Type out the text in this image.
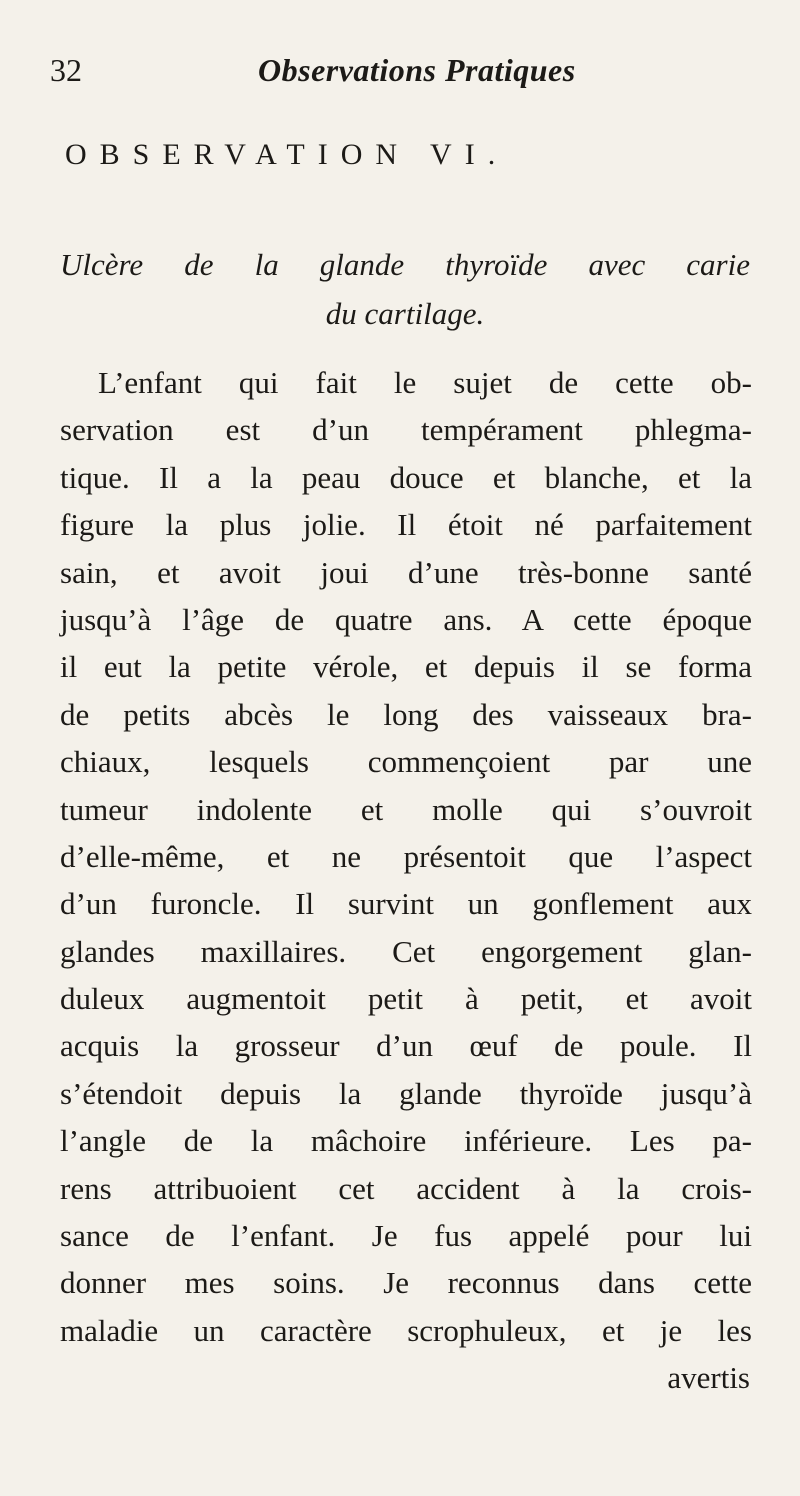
32	Observations Pratiques
OBSERVATION VI.
Ulcère de la glande thyroïde avec carie
du cartilage.
L’enfant qui fait le sujet de cette ob-
servation est d’un tempérament phlegma-
tique. Il a la peau douce et blanche, et la
figure la plus jolie. Il étoit né parfaitement
sain, et avoit joui d’une très-bonne santé
jusqu’à l’âge de quatre ans. A cette époque
il eut la petite vérole, et depuis il se forma
de petits abcès le long des vaisseaux bra-
chiaux, lesquels commençoient par une
tumeur indolente et molle qui s’ouvroit
d’elle-même, et ne présentoit que l’aspect
d’un furoncle. Il survint un gonflement aux
glandes maxillaires. Cet engorgement glan-
duleux augmentoit petit à petit, et avoit
acquis la grosseur d’un œuf de poule. Il
s’étendoit depuis la glande thyroïde jusqu’à
l’angle de la mâchoire inférieure. Les pa-
rens attribuoient cet accident à la crois-
sance de l’enfant. Je fus appelé pour lui
donner mes soins. Je reconnus dans cette
maladie un caractère scrophuleux, et je les
avertis
